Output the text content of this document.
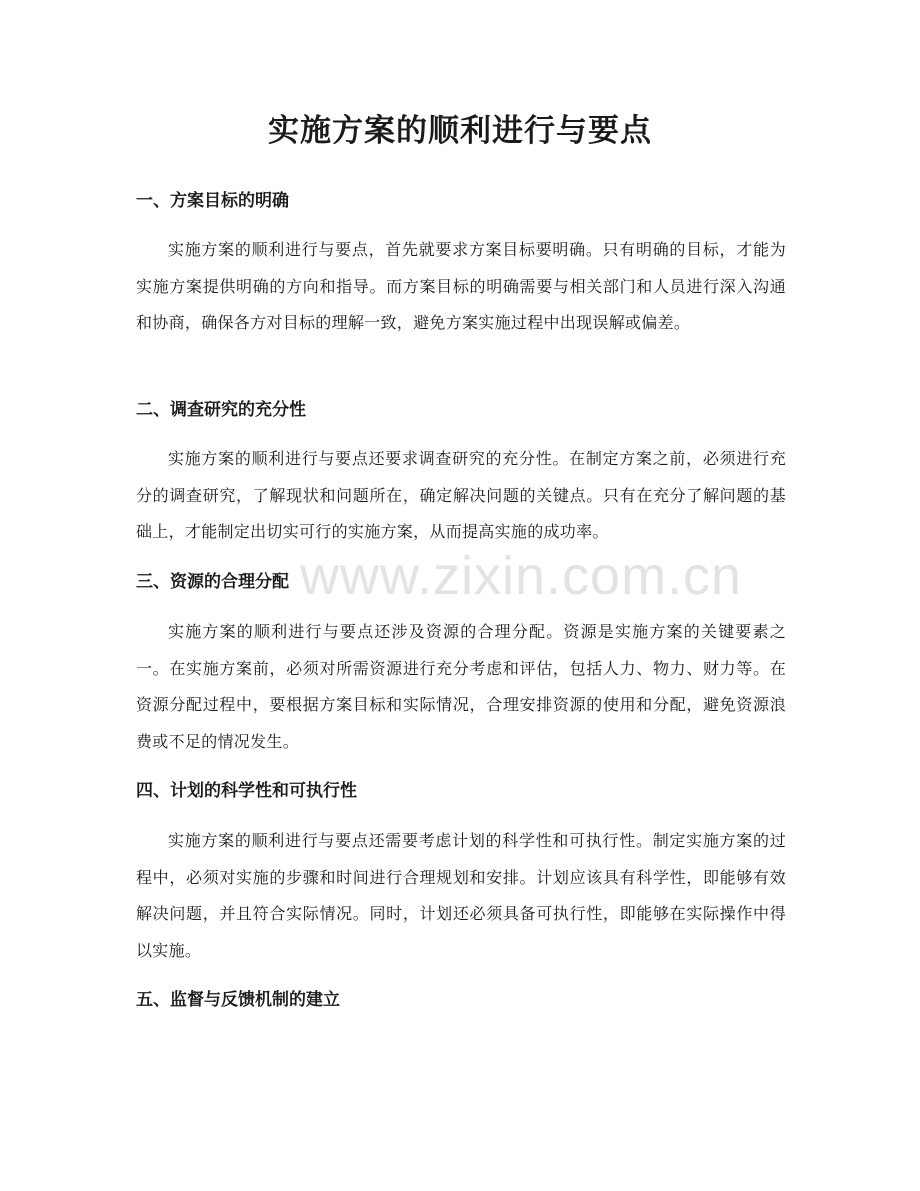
www.zixin.com.cn
实施方案的顺利进行与要点
一、方案目标的明确

实施方案的顺利进行与要点，首先就要求方案目标要明确。只有明确的目标，才能为实施方案提供明确的方向和指导。而方案目标的明确需要与相关部门和人员进行深入沟通和协商，确保各方对目标的理解一致，避免方案实施过程中出现误解或偏差。

二、调查研究的充分性

实施方案的顺利进行与要点还要求调查研究的充分性。在制定方案之前，必须进行充分的调查研究，了解现状和问题所在，确定解决问题的关键点。只有在充分了解问题的基础上，才能制定出切实可行的实施方案，从而提高实施的成功率。

三、资源的合理分配

实施方案的顺利进行与要点还涉及资源的合理分配。资源是实施方案的关键要素之一。在实施方案前，必须对所需资源进行充分考虑和评估，包括人力、物力、财力等。在资源分配过程中，要根据方案目标和实际情况，合理安排资源的使用和分配，避免资源浪费或不足的情况发生。

四、计划的科学性和可执行性

实施方案的顺利进行与要点还需要考虑计划的科学性和可执行性。制定实施方案的过程中，必须对实施的步骤和时间进行合理规划和安排。计划应该具有科学性，即能够有效解决问题，并且符合实际情况。同时，计划还必须具备可执行性，即能够在实际操作中得以实施。

五、监督与反馈机制的建立
